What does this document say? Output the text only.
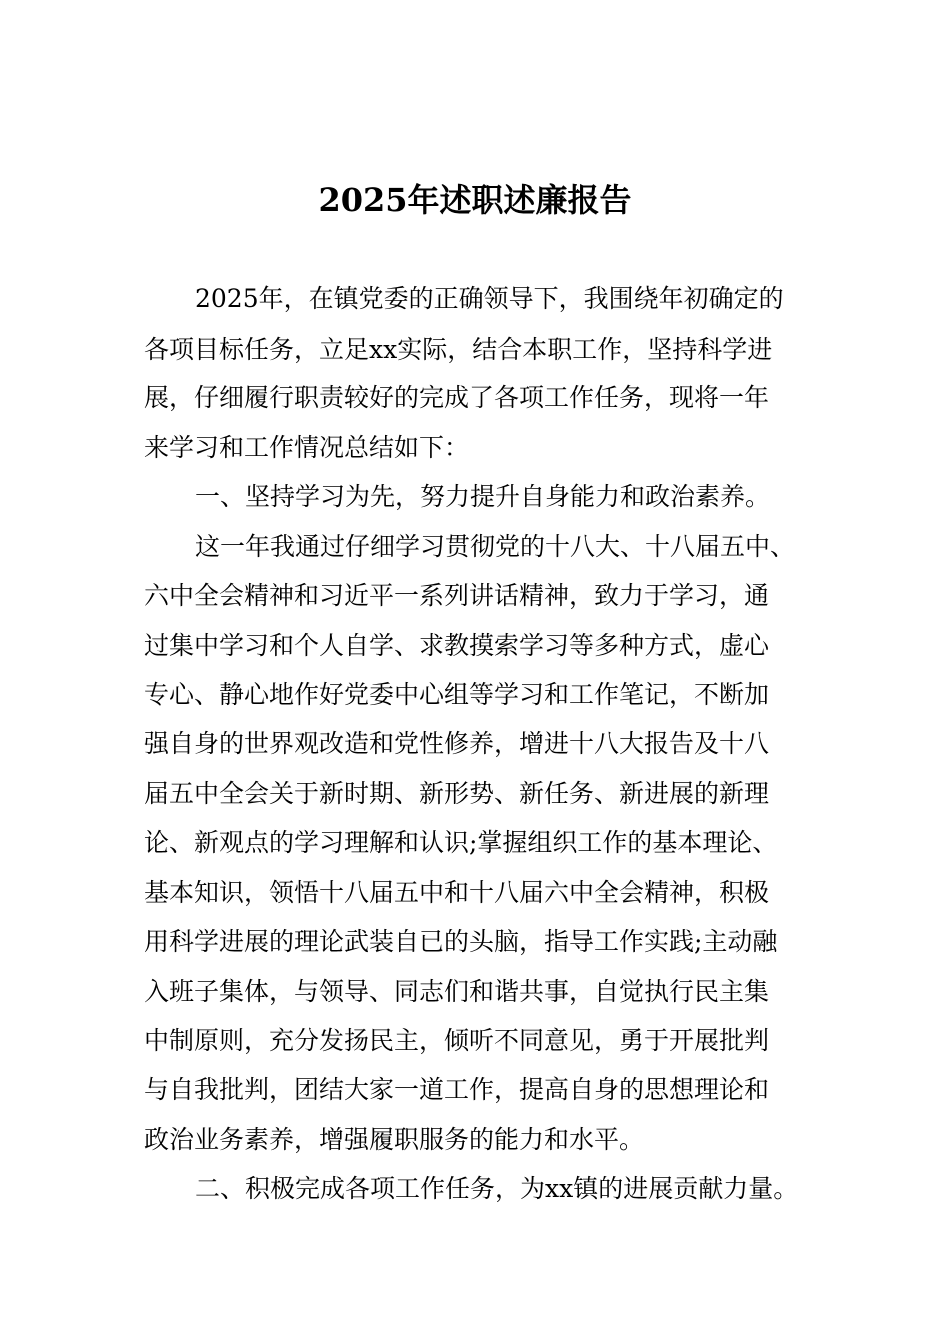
2025年述职述廉报告
2025年，在镇党委的正确领导下，我围绕年初确定的
各项目标任务，立足xx实际，结合本职工作，坚持科学进
展，仔细履行职责较好的完成了各项工作任务，现将一年
来学习和工作情况总结如下：
一、坚持学习为先，努力提升自身能力和政治素养。
这一年我通过仔细学习贯彻党的十八大、十八届五中、
六中全会精神和习近平一系列讲话精神，致力于学习，通
过集中学习和个人自学、求教摸索学习等多种方式，虚心
专心、静心地作好党委中心组等学习和工作笔记，不断加
强自身的世界观改造和党性修养，增进十八大报告及十八
届五中全会关于新时期、新形势、新任务、新进展的新理
论、新观点的学习理解和认识;掌握组织工作的基本理论、
基本知识，领悟十八届五中和十八届六中全会精神，积极
用科学进展的理论武装自已的头脑，指导工作实践;主动融
入班子集体，与领导、同志们和谐共事，自觉执行民主集
中制原则，充分发扬民主，倾听不同意见，勇于开展批判
与自我批判，团结大家一道工作，提高自身的思想理论和
政治业务素养，增强履职服务的能力和水平。
二、积极完成各项工作任务，为xx镇的进展贡献力量。
